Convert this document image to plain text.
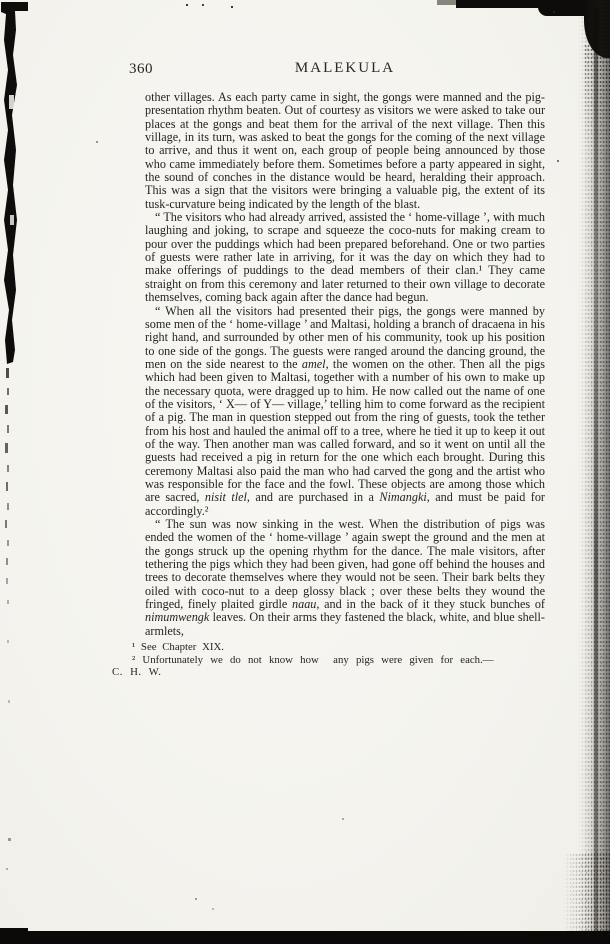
360	MALEKULA

other villages. As each party came in sight, the gongs were manned and the pig-presentation rhythm beaten. Out of courtesy as visitors we were asked to take our places at the gongs and beat them for the arrival of the next village. Then this village, in its turn, was asked to beat the gongs for the coming of the next village to arrive, and thus it went on, each group of people being announced by those who came immediately before them. Sometimes before a party appeared in sight, the sound of conches in the distance would be heard, heralding their approach. This was a sign that the visitors were bringing a valuable pig, the extent of its tusk-curvature being indicated by the length of the blast.

“ The visitors who had already arrived, assisted the ‘ home-village ’, with much laughing and joking, to scrape and squeeze the coco-nuts for making cream to pour over the puddings which had been prepared beforehand. One or two parties of guests were rather late in arriving, for it was the day on which they had to make offerings of puddings to the dead members of their clan.¹ They came straight on from this ceremony and later returned to their own village to decorate themselves, coming back again after the dance had begun.

“ When all the visitors had presented their pigs, the gongs were manned by some men of the ‘ home-village ’ and Maltasi, holding a branch of dracaena in his right hand, and surrounded by other men of his community, took up his position to one side of the gongs. The guests were ranged around the dancing ground, the men on the side nearest to the amel, the women on the other. Then all the pigs which had been given to Maltasi, together with a number of his own to make up the necessary quota, were dragged up to him. He now called out the name of one of the visitors, ‘ X— of Y— village,’ telling him to come forward as the recipient of a pig. The man in question stepped out from the ring of guests, took the tether from his host and hauled the animal off to a tree, where he tied it up to keep it out of the way. Then another man was called forward, and so it went on until all the guests had received a pig in return for the one which each brought. During this ceremony Maltasi also paid the man who had carved the gong and the artist who was responsible for the face and the fowl. These objects are among those which are sacred, nisit tlel, and are purchased in a Nimangki, and must be paid for accordingly.²

“ The sun was now sinking in the west. When the distribution of pigs was ended the women of the ‘ home-village ’ again swept the ground and the men at the gongs struck up the opening rhythm for the dance. The male visitors, after tethering the pigs which they had been given, had gone off behind the houses and trees to decorate themselves where they would not be seen. Their bark belts they oiled with coco-nut to a deep glossy black ; over these belts they wound the fringed, finely plaited girdle naau, and in the back of it they stuck bunches of nimumwengk leaves. On their arms they fastened the black, white, and blue shell-armlets,

¹ See Chapter XIX.

² Unfortunately we do not know how  any pigs were given for each.—

C. H. W.
